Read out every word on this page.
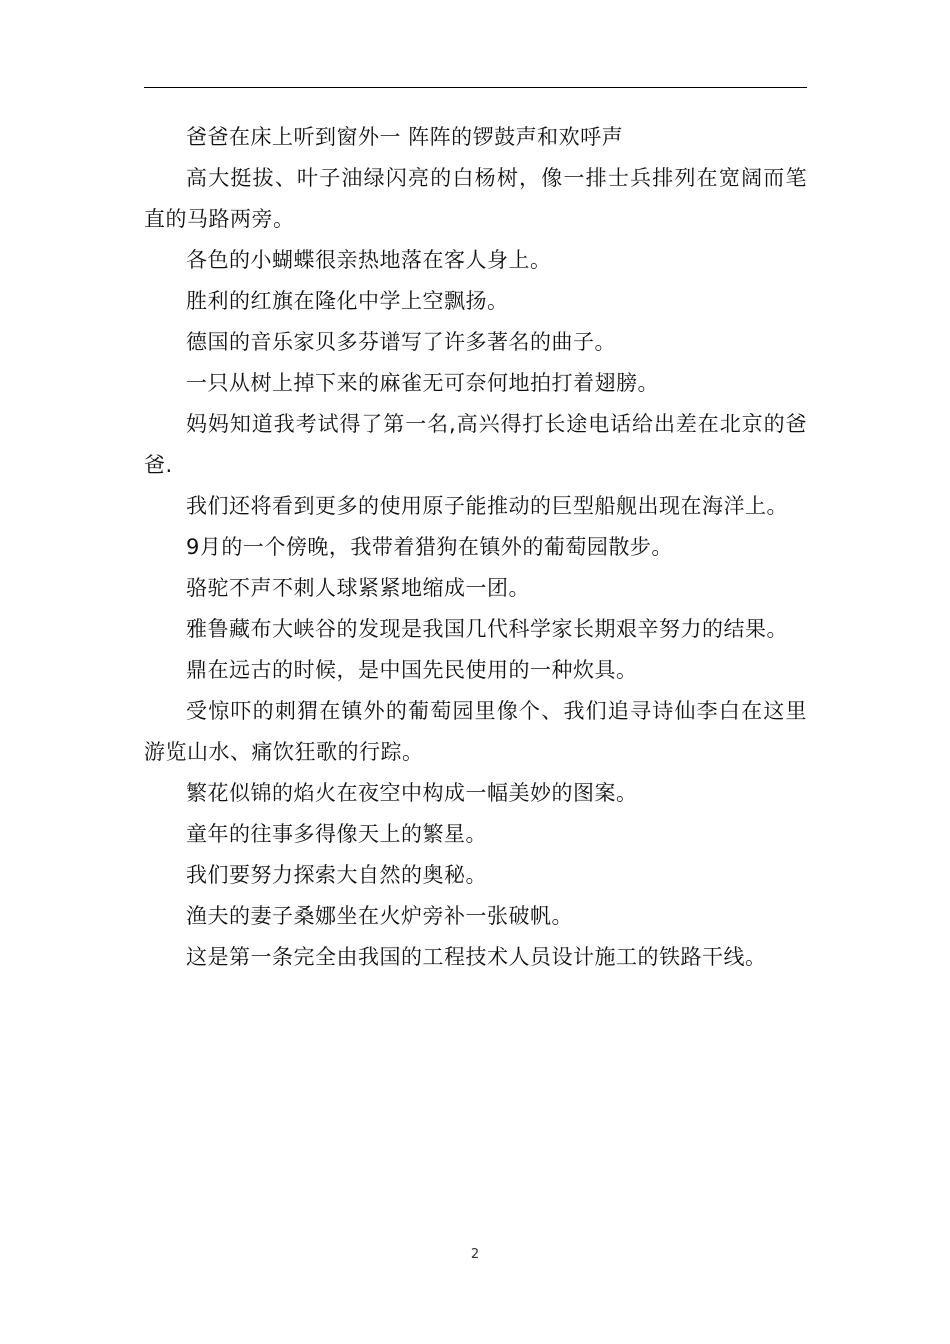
爸爸在床上听到窗外一 阵阵的锣鼓声和欢呼声

高大挺拔、叶子油绿闪亮的白杨树，像一排士兵排列在宽阔而笔直的马路两旁。

各色的小蝴蝶很亲热地落在客人身上。

胜利的红旗在隆化中学上空飘扬。

德国的音乐家贝多芬谱写了许多著名的曲子。

一只从树上掉下来的麻雀无可奈何地拍打着翅膀。

妈妈知道我考试得了第一名,高兴得打长途电话给出差在北京的爸爸.

我们还将看到更多的使用原子能推动的巨型船舰出现在海洋上。

9月的一个傍晚，我带着猎狗在镇外的葡萄园散步。

骆驼不声不刺人球紧紧地缩成一团。

雅鲁藏布大峡谷的发现是我国几代科学家长期艰辛努力的结果。

鼎在远古的时候，是中国先民使用的一种炊具。

受惊吓的刺猬在镇外的葡萄园里像个、我们追寻诗仙李白在这里游览山水、痛饮狂歌的行踪。

繁花似锦的焰火在夜空中构成一幅美妙的图案。

童年的往事多得像天上的繁星。

我们要努力探索大自然的奥秘。

渔夫的妻子桑娜坐在火炉旁补一张破帆。

这是第一条完全由我国的工程技术人员设计施工的铁路干线。

2
